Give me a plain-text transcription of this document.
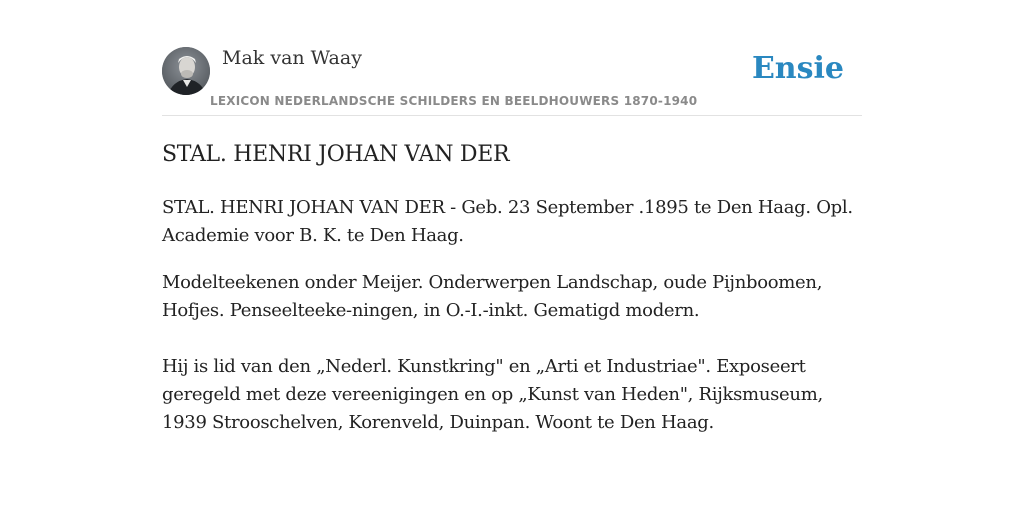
Mak van Waay
LEXICON NEDERLANDSCHE SCHILDERS EN BEELDHOUWERS 1870-1940
Ensie
STAL. HENRI JOHAN VAN DER

STAL. HENRI JOHAN VAN DER - Geb. 23 September .1895 te Den Haag. Opl. Academie voor B. K. te Den Haag.

Modelteekenen onder Meijer. Onderwerpen Landschap, oude Pijnboomen, Hofjes. Penseelteeke-ningen, in O.-I.-inkt. Gematigd modern.

Hij is lid van den „Nederl. Kunstkring" en „Arti et Industriae". Exposeert geregeld met deze vereenigingen en op „Kunst van Heden", Rijksmuseum, 1939 Strooschelven, Korenveld, Duinpan. Woont te Den Haag.
